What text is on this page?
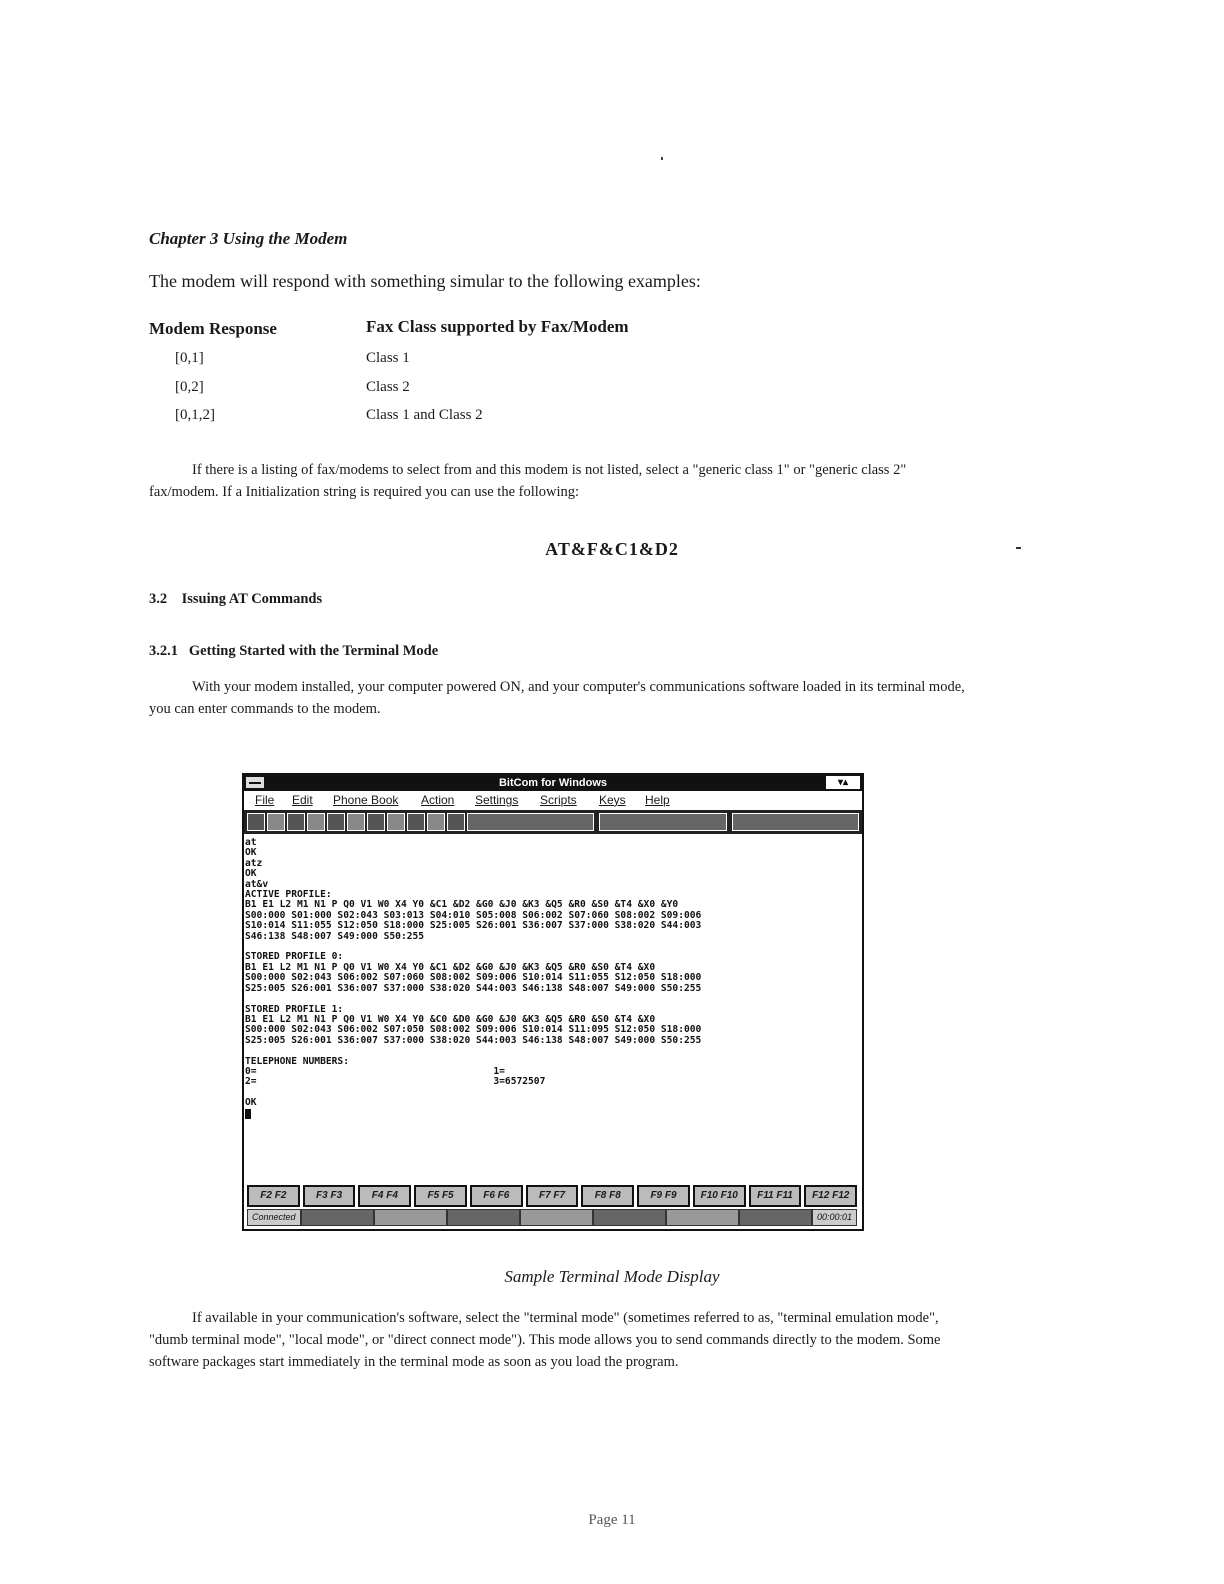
Chapter 3 Using the Modem
The modem will respond with something simular to the following examples:
Modem Response	Fax Class supported by Fax/Modem
[0,1]	Class 1
[0,2]	Class 2
[0,1,2]	Class 1 and Class 2
If there is a listing of fax/modems to select from and this modem is not listed, select a "generic class 1" or "generic class 2" fax/modem. If a Initialization string is required you can use the following:
AT&F&C1&D2
3.2    Issuing AT Commands
3.2.1   Getting Started with the Terminal Mode
With your modem installed, your computer powered ON, and your computer's communications software loaded in its terminal mode, you can enter commands to the modem.
BitCom for Windows	▾▴
File Edit Phone Book Action Settings Scripts Keys Help
at
OK
atz
OK
at&v
ACTIVE PROFILE:
B1 E1 L2 M1 N1 P Q0 V1 W0 X4 Y0 &C1 &D2 &G0 &J0 &K3 &Q5 &R0 &S0 &T4 &X0 &Y0
S00:000 S01:000 S02:043 S03:013 S04:010 S05:008 S06:002 S07:060 S08:002 S09:006
S10:014 S11:055 S12:050 S18:000 S25:005 S26:001 S36:007 S37:000 S38:020 S44:003
S46:138 S48:007 S49:000 S50:255

STORED PROFILE 0:
B1 E1 L2 M1 N1 P Q0 V1 W0 X4 Y0 &C1 &D2 &G0 &J0 &K3 &Q5 &R0 &S0 &T4 &X0
S00:000 S02:043 S06:002 S07:060 S08:002 S09:006 S10:014 S11:055 S12:050 S18:000
S25:005 S26:001 S36:007 S37:000 S38:020 S44:003 S46:138 S48:007 S49:000 S50:255

STORED PROFILE 1:
B1 E1 L2 M1 N1 P Q0 V1 W0 X4 Y0 &C0 &D0 &G0 &J0 &K3 &Q5 &R0 &S0 &T4 &X0
S00:000 S02:043 S06:002 S07:050 S08:002 S09:006 S10:014 S11:095 S12:050 S18:000
S25:005 S26:001 S36:007 S37:000 S38:020 S44:003 S46:138 S48:007 S49:000 S50:255

TELEPHONE NUMBERS:
0=                                         1=
2=                                         3=6572507

OK
F2 F2	F3 F3	F4 F4	F5 F5	F6 F6	F7 F7	F8 F8	F9 F9	F10 F10	F11 F11	F12 F12
Connected	00:00:01
Sample Terminal Mode Display
If available in your communication's software, select the "terminal mode" (sometimes referred to as, "terminal emulation mode", "dumb terminal mode", "local mode", or "direct connect mode"). This mode allows you to send commands directly to the modem. Some software packages start immediately in the terminal mode as soon as you load the program.
Page 11
